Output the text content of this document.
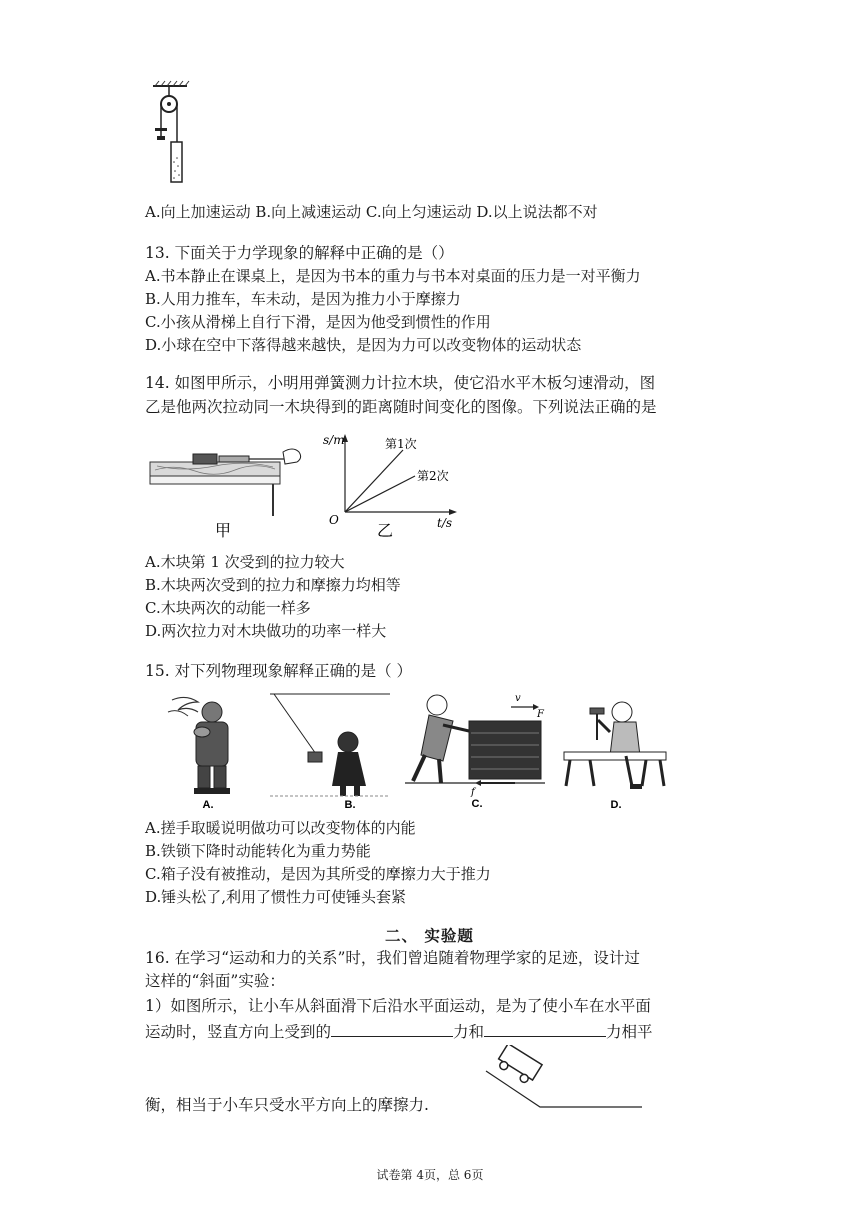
A.向上加速运动 B.向上减速运动 C.向上匀速运动 D.以上说法都不对
13. 下面关于力学现象的解释中正确的是（）
A.书本静止在课桌上，是因为书本的重力与书本对桌面的压力是一对平衡力
B.人用力推车，车未动，是因为推力小于摩擦力
C.小孩从滑梯上自行下滑，是因为他受到惯性的作用
D.小球在空中下落得越来越快，是因为力可以改变物体的运动状态
14. 如图甲所示，小明用弹簧测力计拉木块，使它沿水平木板匀速滑动，图
乙是他两次拉动同一木块得到的距离随时间变化的图像。下列说法正确的是
甲
s/m
t/s
O
第1次
第2次
乙
A.木块第 1 次受到的拉力较大
B.木块两次受到的拉力和摩擦力均相等
C.木块两次的动能一样多
D.两次拉力对木块做功的功率一样大
15. 对下列物理现象解释正确的是（ ）
A.	B.
v
F
f
C.	D.
A.搓手取暖说明做功可以改变物体的内能
B.铁锁下降时动能转化为重力势能
C.箱子没有被推动，是因为其所受的摩擦力大于推力
D.锤头松了,利用了惯性力可使锤头套紧
二、 实验题
16. 在学习“运动和力的关系”时，我们曾追随着物理学家的足迹，设计过
这样的“斜面”实验：
1）如图所示，让小车从斜面滑下后沿水平面运动，是为了使小车在水平面
运动时，竖直方向上受到的	力和	力相平
衡，相当于小车只受水平方向上的摩擦力.
试卷第 4页，总 6页
